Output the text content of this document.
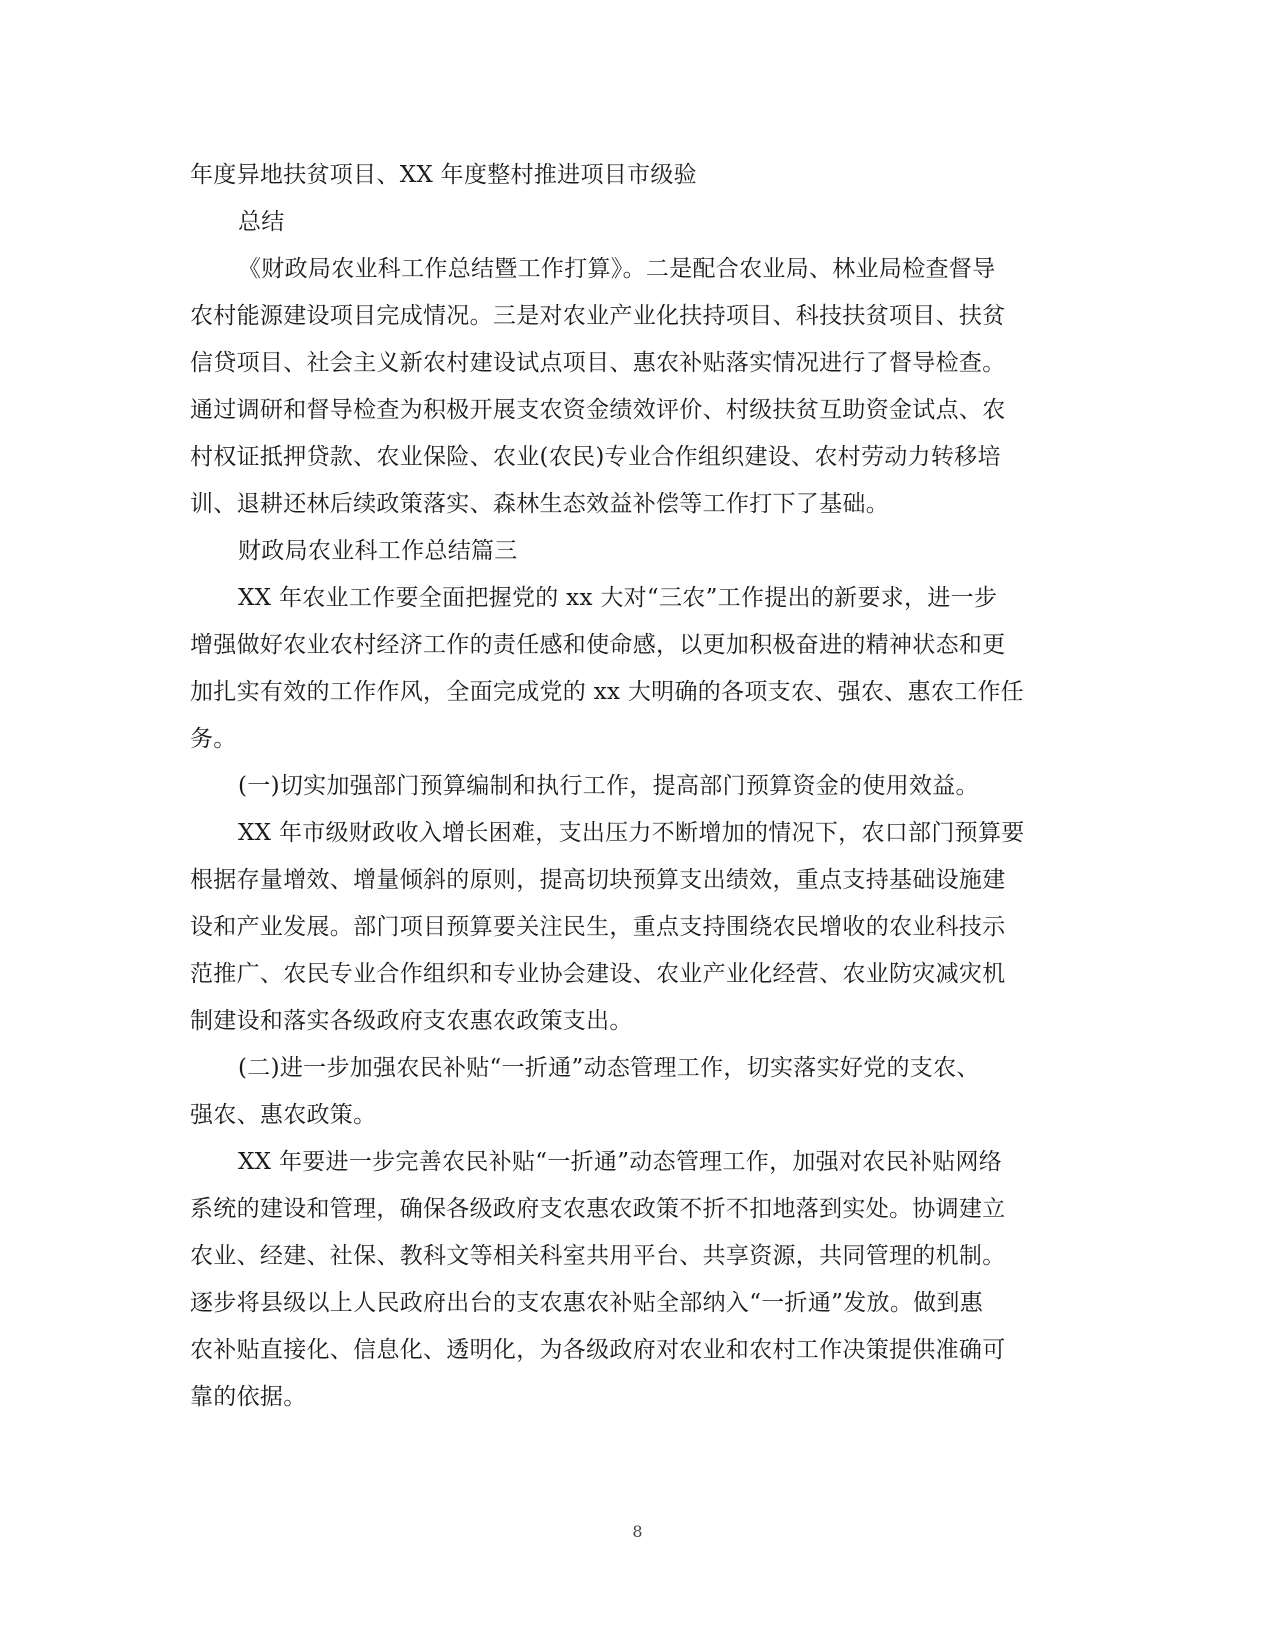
年度异地扶贫项目、XX 年度整村推进项目市级验
总结
《财政局农业科工作总结暨工作打算》。二是配合农业局、林业局检查督导
农村能源建设项目完成情况。三是对农业产业化扶持项目、科技扶贫项目、扶贫
信贷项目、社会主义新农村建设试点项目、惠农补贴落实情况进行了督导检查。
通过调研和督导检查为积极开展支农资金绩效评价、村级扶贫互助资金试点、农
村权证抵押贷款、农业保险、农业(农民)专业合作组织建设、农村劳动力转移培
训、退耕还林后续政策落实、森林生态效益补偿等工作打下了基础。
财政局农业科工作总结篇三
XX 年农业工作要全面把握党的 xx 大对“三农”工作提出的新要求，进一步
增强做好农业农村经济工作的责任感和使命感，以更加积极奋进的精神状态和更
加扎实有效的工作作风，全面完成党的 xx 大明确的各项支农、强农、惠农工作任
务。
(一)切实加强部门预算编制和执行工作，提高部门预算资金的使用效益。
XX 年市级财政收入增长困难，支出压力不断增加的情况下，农口部门预算要
根据存量增效、增量倾斜的原则，提高切块预算支出绩效，重点支持基础设施建
设和产业发展。部门项目预算要关注民生，重点支持围绕农民增收的农业科技示
范推广、农民专业合作组织和专业协会建设、农业产业化经营、农业防灾减灾机
制建设和落实各级政府支农惠农政策支出。
(二)进一步加强农民补贴“一折通”动态管理工作，切实落实好党的支农、
强农、惠农政策。
XX 年要进一步完善农民补贴“一折通”动态管理工作，加强对农民补贴网络
系统的建设和管理，确保各级政府支农惠农政策不折不扣地落到实处。协调建立
农业、经建、社保、教科文等相关科室共用平台、共享资源，共同管理的机制。
逐步将县级以上人民政府出台的支农惠农补贴全部纳入“一折通”发放。做到惠
农补贴直接化、信息化、透明化，为各级政府对农业和农村工作决策提供准确可
靠的依据。
8
